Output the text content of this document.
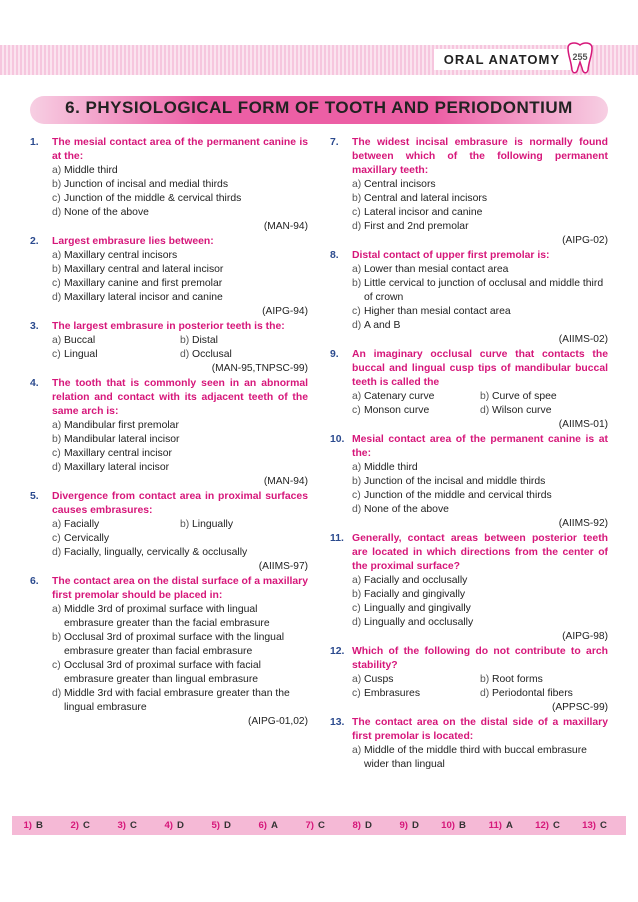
ORAL ANATOMY	255
6. PHYSIOLOGICAL FORM OF TOOTH AND PERIODONTIUM
1.	The mesial contact area of the permanent canine is at the:
a) Middle third
b) Junction of incisal and medial thirds
c) Junction of the middle & cervical thirds
d) None of the above
(MAN-94)
2.	Largest embrasure lies between:
a) Maxillary central incisors
b) Maxillary central and lateral incisor
c) Maxillary canine and first premolar
d) Maxillary lateral incisor and canine
(AIPG-94)
3.	The largest embrasure in posterior teeth is the:
a) Buccal	b) Distal
c) Lingual	d) Occlusal
(MAN-95,TNPSC-99)
4.	The tooth that is commonly seen in an abnormal relation and contact with its adjacent teeth of the same arch is:
a) Mandibular first premolar
b) Mandibular lateral incisor
c) Maxillary central incisor
d) Maxillary lateral incisor
(MAN-94)
5.	Divergence from contact area in proximal surfaces causes embrasures:
a) Facially	b) Lingually
c) Cervically
d) Facially, lingually, cervically & occlusally
(AIIMS-97)
6.	The contact area on the distal surface of a maxillary first premolar should be placed in:
a) Middle 3rd of proximal surface with lingual embrasure greater than the facial embrasure
b) Occlusal 3rd of proximal surface with the lingual embrasure greater than facial embrasure
c) Occlusal 3rd of proximal surface with facial embrasure greater than lingual embrasure
d) Middle 3rd with facial embrasure greater than the lingual embrasure
(AIPG-01,02)
7.	The widest incisal embrasure is normally found between which of the following permanent maxillary teeth:
a) Central incisors
b) Central and lateral incisors
c) Lateral incisor and canine
d) First and 2nd premolar
(AIPG-02)
8.	Distal contact of upper first premolar is:
a) Lower than mesial contact area
b) Little cervical to junction of occlusal and middle third of crown
c) Higher than mesial contact area
d) A and B
(AIIMS-02)
9.	An imaginary occlusal curve that contacts the buccal and lingual cusp tips of mandibular buccal teeth is called the
a) Catenary curve	b) Curve of spee
c) Monson curve	d) Wilson curve
(AIIMS-01)
10. Mesial contact area of the permanent canine is at the:
a) Middle third
b) Junction of the incisal and middle thirds
c) Junction of the middle and cervical thirds
d) None of the above
(AIIMS-92)
11. Generally, contact areas between posterior teeth are located in which directions from the center of the proximal surface?
a) Facially and occlusally
b) Facially and gingivally
c) Lingually and gingivally
d) Lingually and occlusally
(AIPG-98)
12. Which of the following do not contribute to arch stability?
a) Cusps	b) Root forms
c) Embrasures	d) Periodontal fibers
(APPSC-99)
13. The contact area on the distal side of a maxillary first premolar is located:
a) Middle of the middle third with buccal embrasure wider than lingual
1) B	2) C	3) C	4) D	5) D	6) A	7) C	8) D	9) D	10) B	11) A	12) C	13) C
